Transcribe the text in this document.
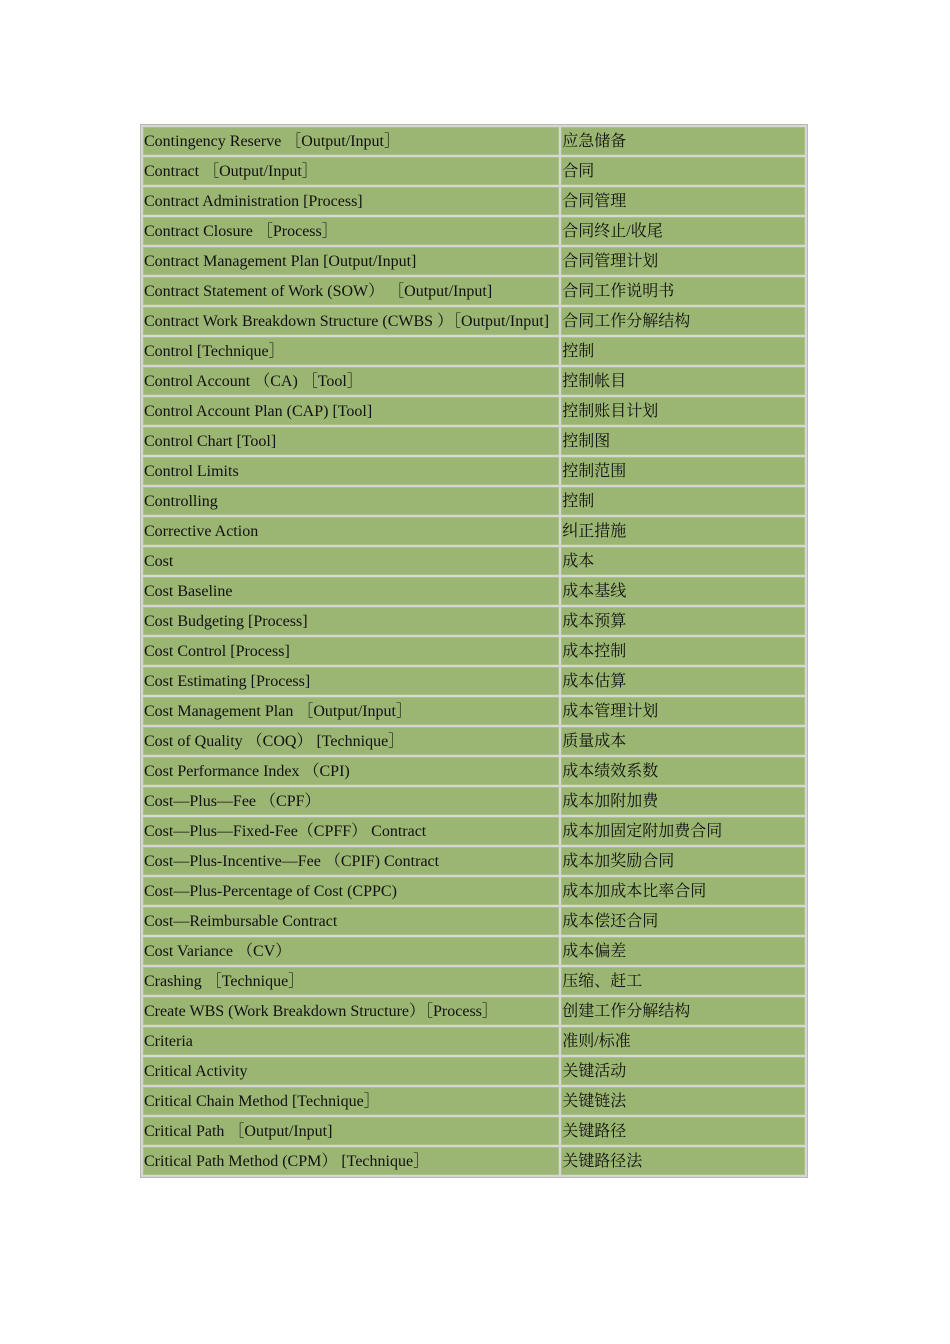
Contingency Reserve ［Output/Input］	应急储备
Contract ［Output/Input］	合同
Contract Administration [Process]	合同管理
Contract Closure ［Process］	合同终止/收尾
Contract Management Plan [Output/Input]	合同管理计划
Contract Statement of Work (SOW） ［Output/Input]	合同工作说明书
Contract Work Breakdown Structure (CWBS ）［Output/Input]	合同工作分解结构
Control [Technique］	控制
Control Account （CA) ［Tool］	控制帐目
Control Account Plan (CAP) [Tool]	控制账目计划
Control Chart [Tool]	控制图
Control Limits	控制范围
Controlling	控制
Corrective Action	纠正措施
Cost	成本
Cost Baseline	成本基线
Cost Budgeting [Process]	成本预算
Cost Control [Process]	成本控制
Cost Estimating [Process]	成本估算
Cost Management Plan ［Output/Input］	成本管理计划
Cost of Quality （COQ） [Technique］	质量成本
Cost Performance Index （CPI)	成本绩效系数
Cost—Plus—Fee （CPF）	成本加附加费
Cost—Plus—Fixed-Fee（CPFF） Contract	成本加固定附加费合同
Cost—Plus-Incentive—Fee （CPIF) Contract	成本加奖励合同
Cost—Plus-Percentage of Cost (CPPC)	成本加成本比率合同
Cost—Reimbursable Contract	成本偿还合同
Cost Variance （CV）	成本偏差
Crashing ［Technique］	压缩、赶工
Create WBS (Work Breakdown Structure）［Process］	创建工作分解结构
Criteria	准则/标准
Critical Activity	关键活动
Critical Chain Method [Technique］	关键链法
Critical Path ［Output/Input]	关键路径
Critical Path Method (CPM） [Technique］	关键路径法
